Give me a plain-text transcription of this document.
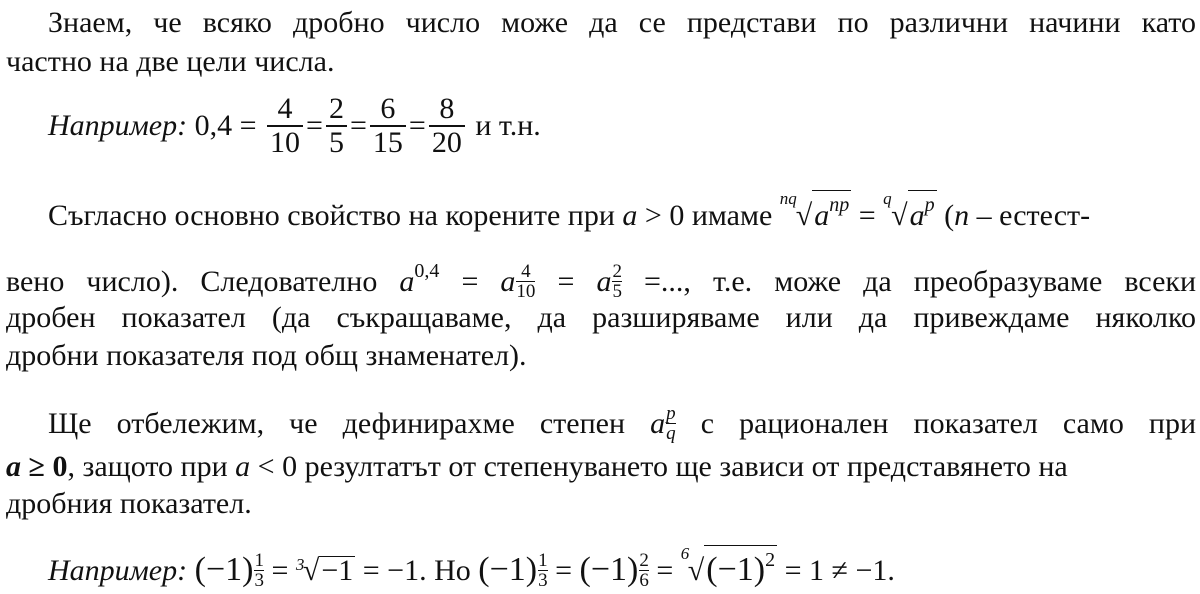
Знаем, че всяко дробно число може да се представи по различни начини като

частно на две цели числа.

Например: $0,4 = \frac{4}{10} = \frac{2}{5} = \frac{6}{15} = \frac{8}{20}$ и т.н.

Съгласно основно свойство на корените при a > 0 имаме
nq
$√a^{np}$ =
q
$√a^p$ (n – естест-

вено число). Следователно $a^{0,4} = a \frac{4}{10} = a \frac{2}{5}$ =..., т.е. може да преобразуваме всеки

дробен показател (да съкращаваме, да разширяваме или да привеждаме няколко

дробни показателя под общ знаменател).

Ще отбележим, че дефинирахме степен a $\frac{p}{q}$ с рационален показател само при

a ≥ 0, защото при a < 0 резултатът от степенуването ще зависи от представянето на

дробния показател.

Например: $(-1) \frac{1}{3} = 3$
√−1 = −1. Но $(-1) \frac{1}{3} = (-1) \frac{2}{6}$ =
6
$√(-1)^2 = 1 \ne -1$.
